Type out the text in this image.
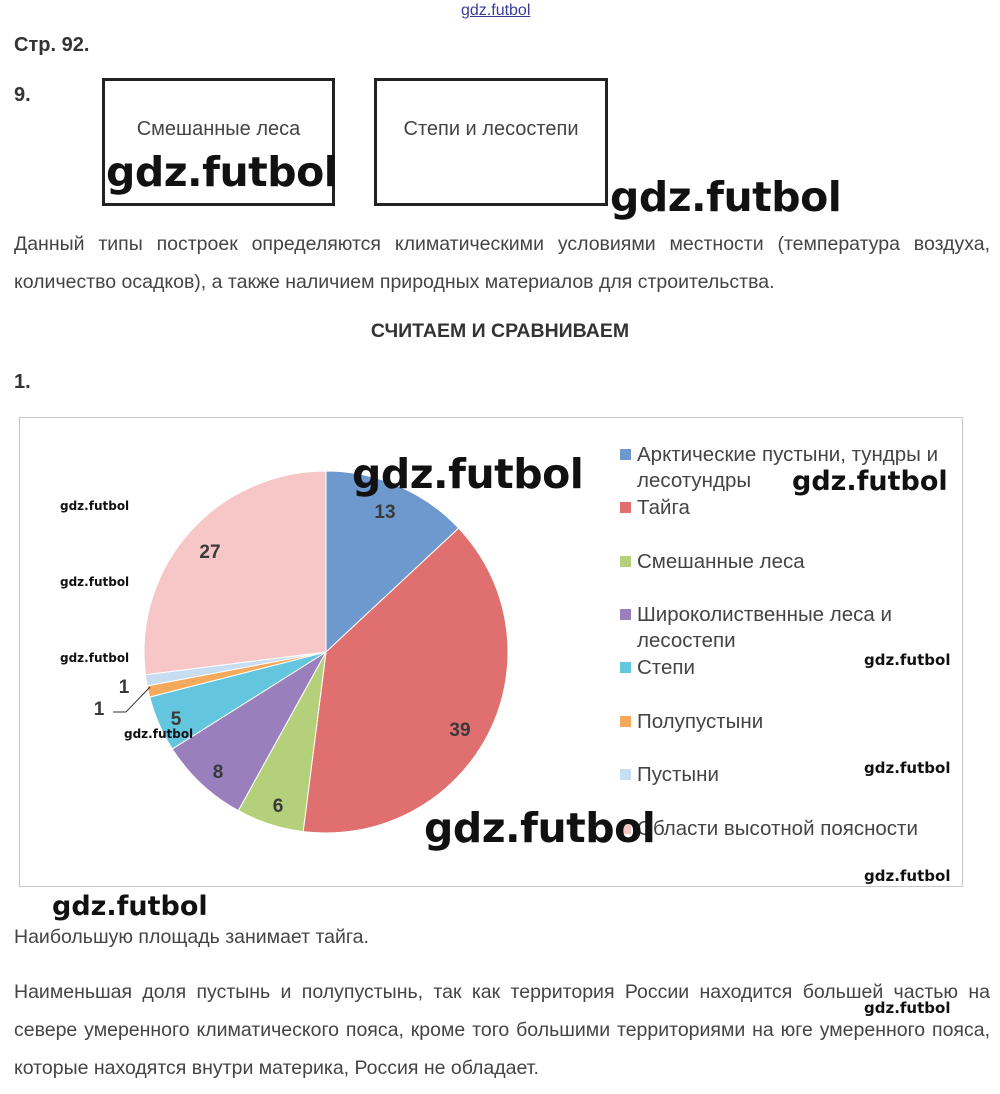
gdz.futbol
Стр. 92.
9.
Смешанные леса	Степи и лесостепи
gdz.futbol
gdz.futbol
Данный типы построек определяются климатическими условиями местности (температура воздуха, количество осадков), а также наличием природных материалов для строительства.
СЧИТАЕМ И СРАВНИВАЕМ
1.
13
39
6
8
5
1
1
27
Арктические пустыни, тундры и лесотундры
Тайга
Смешанные леса
Широколиственные леса и лесостепи
Степи
Полупустыни
Пустыни
Области высотной поясности
gdz.futbol	gdz.futbol
gdz.futbol
gdz.futbol
gdz.futbol
gdz.futbol
gdz.futbol
gdz.futbol
gdz.futbol
gdz.futbol
gdz.futbol
gdz.futbol
Наибольшую площадь занимает тайга.
Наименьшая доля пустынь и полупустынь, так как территория России находится большей частью на севере умеренного климатического пояса, кроме того большими территориями на юге умеренного пояса, которые находятся внутри материка, Россия не обладает.
